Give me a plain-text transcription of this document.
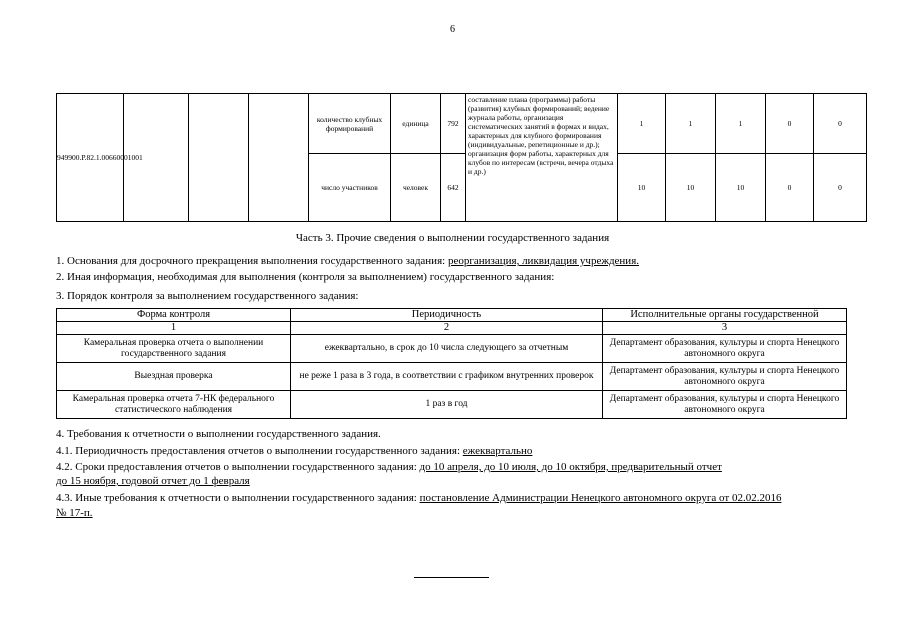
6
949900.Р.82.1.00660001001				количество клубных формирований	единица	792	составление плана (программы) работы (развития) клубных формирований; ведение журнала работы, организация систематических занятий в формах и видах, характерных для клубного формирования (индивидуальные, репетиционные и др.); организация форм работы, характерных для клубов по интересам (встречи, вечера отдыха и др.)	1	1	1	0	0
				число участников	человек	642		10	10	10	0	0
Часть 3. Прочие сведения о выполнении государственного задания
1. Основания для досрочного прекращения выполнения государственного задания: реорганизация, ликвидация учреждения.
2. Иная информация, необходимая для выполнения (контроля за выполнением) государственного задания:
3. Порядок контроля за выполнением государственного задания:
Форма контроля	Периодичность	Исполнительные органы государственной
1	2	3
Камеральная проверка отчета о выполнении государственного задания	ежеквартально, в срок до 10 числа следующего за отчетным	Департамент образования, культуры и спорта Ненецкого автономного округа
Выездная проверка	не реже 1 раза в 3 года, в соответствии с графиком внутренних проверок	Департамент образования, культуры и спорта Ненецкого автономного округа
Камеральная проверка отчета 7-НК федерального статистического наблюдения	1 раз в год	Департамент образования, культуры и спорта Ненецкого автономного округа
4. Требования к отчетности о выполнении государственного задания.
4.1. Периодичность предоставления отчетов о выполнении государственного задания: ежеквартально
4.2. Сроки предоставления отчетов о выполнении государственного задания: до 10 апреля, до 10 июля, до 10 октября, предварительный отчет
до 15 ноября, годовой отчет до 1 февраля
4.3. Иные требования к отчетности о выполнении государственного задания: постановление Администрации Ненецкого автономного округа от 02.02.2016
№ 17-п.
